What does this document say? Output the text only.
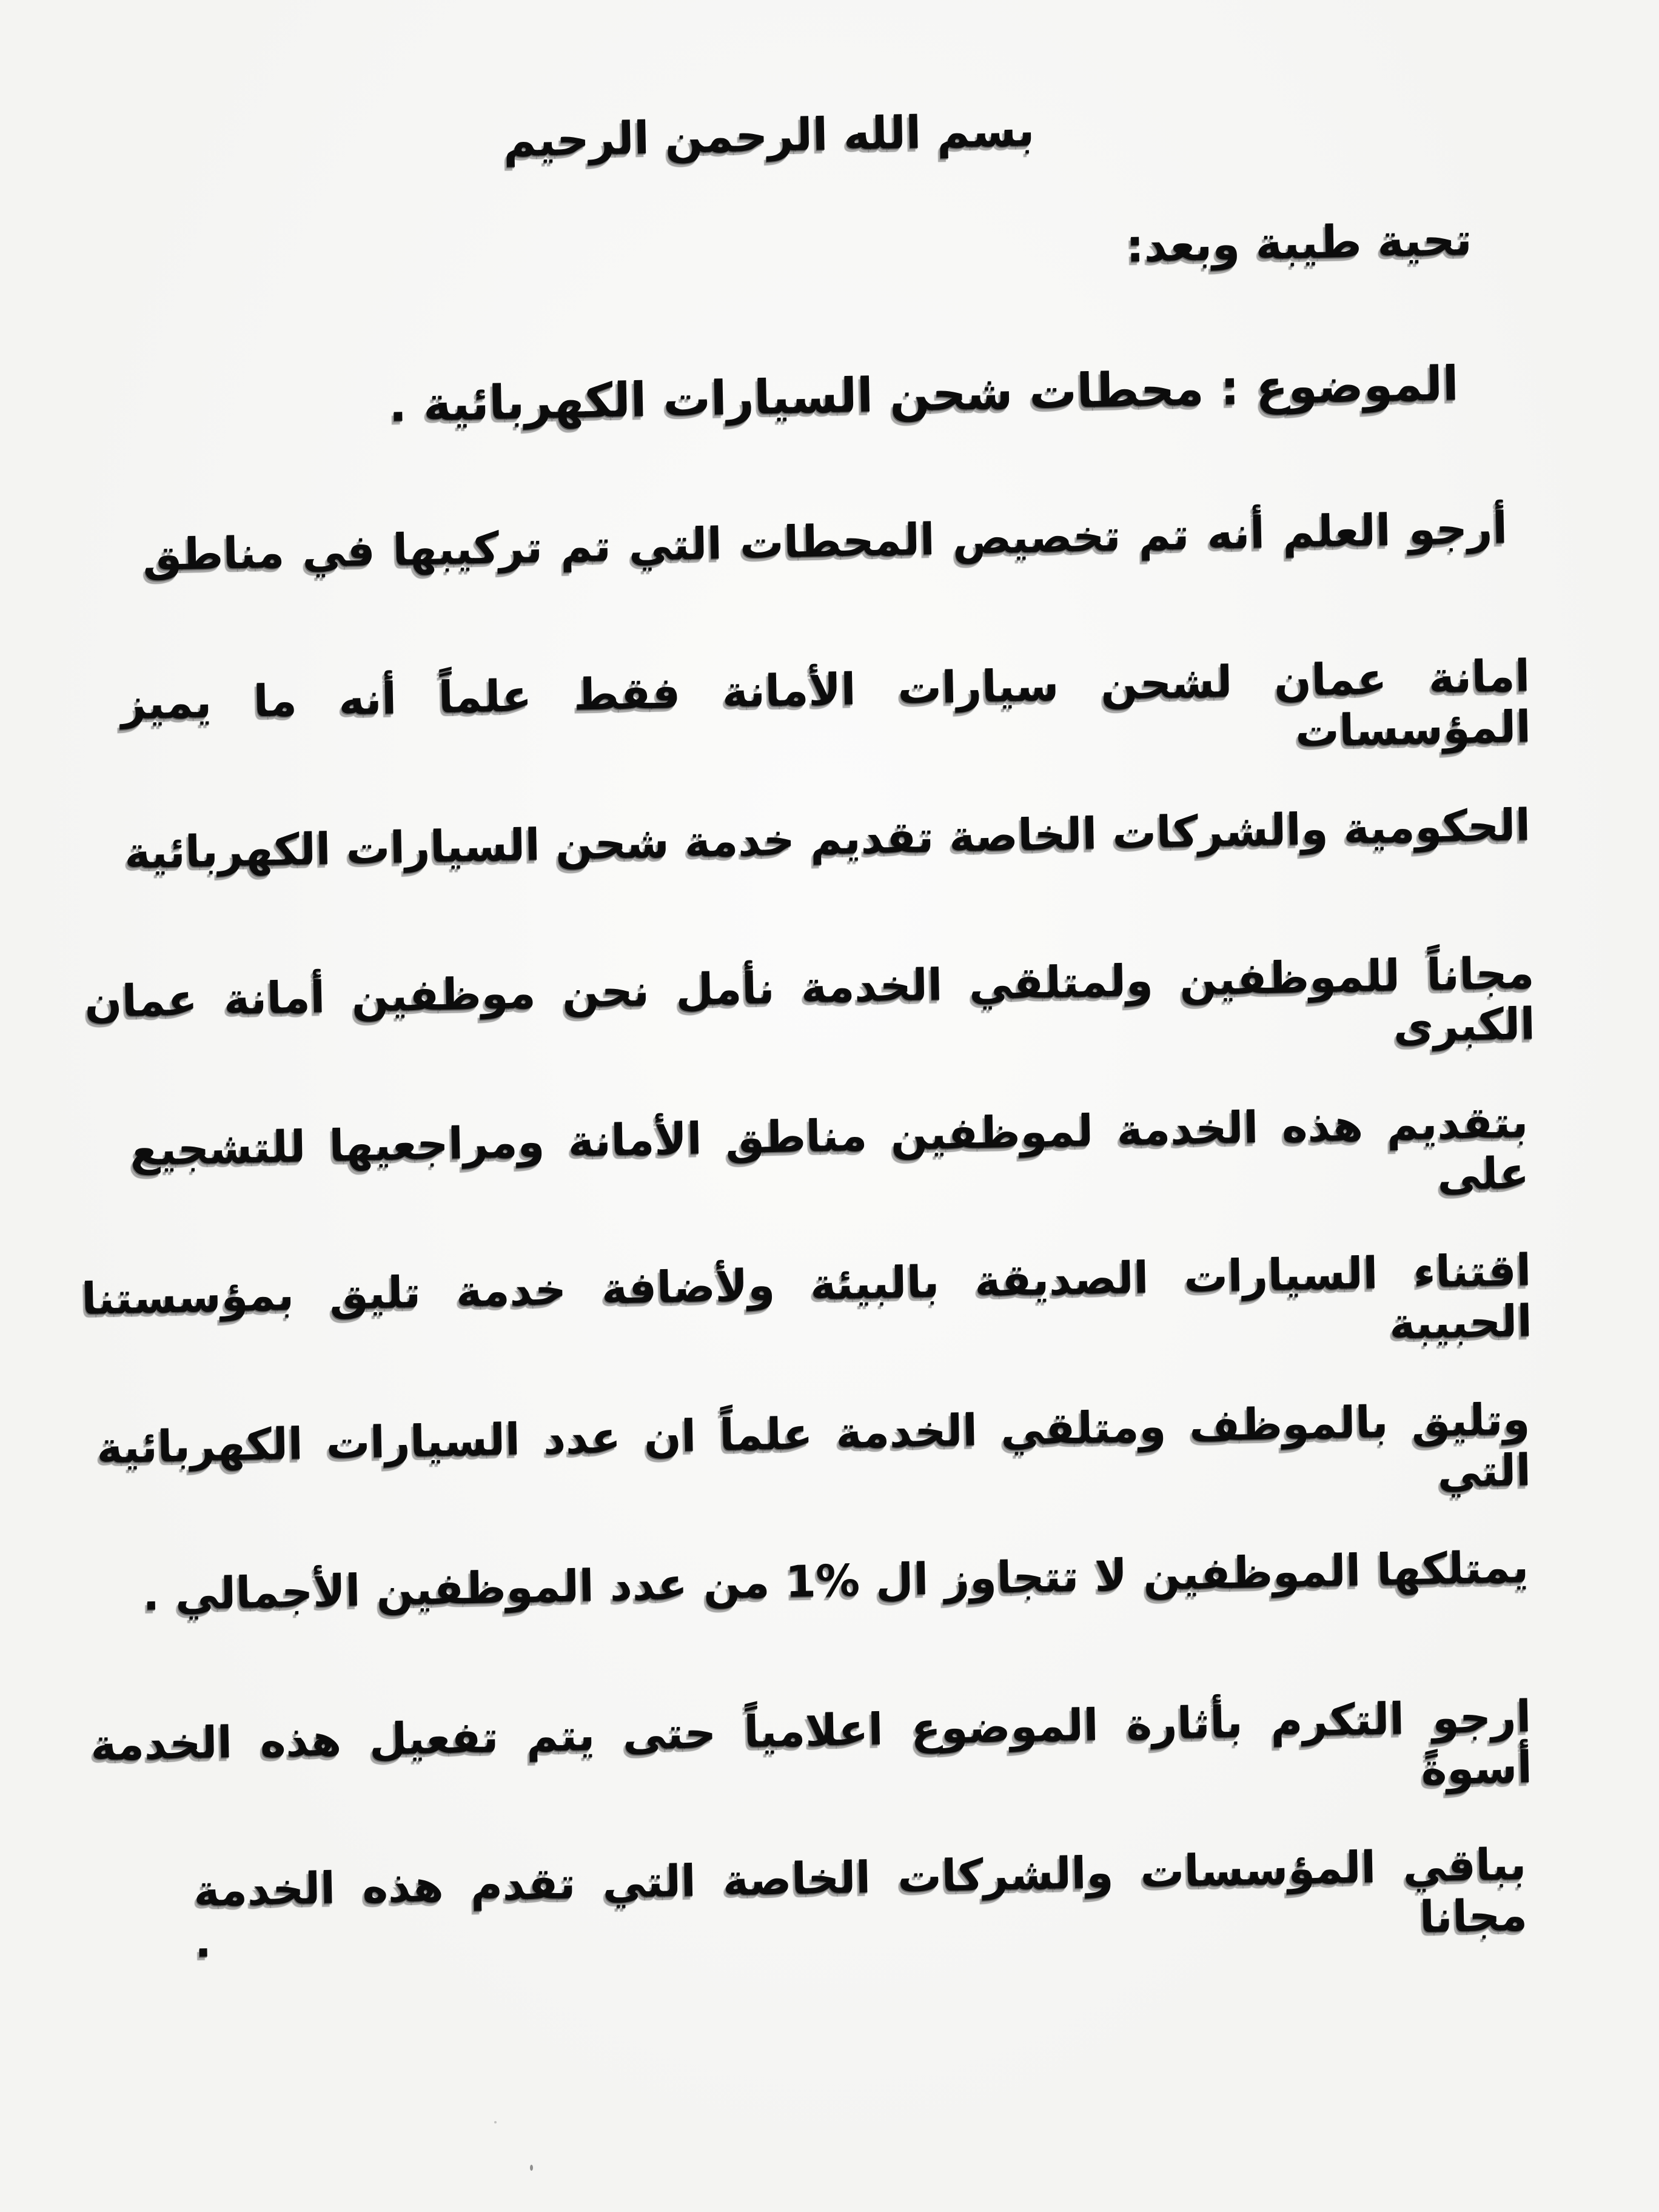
بسم الله الرحمن الرحيم
تحية طيبة وبعد:
الموضوع : محطات شحن السيارات الكهربائية .
أرجو العلم أنه تم تخصيص المحطات التي تم تركيبها في مناطق
امانة عمان لشحن سيارات الأمانة فقط علماً أنه ما يميز المؤسسات
الحكومية والشركات الخاصة تقديم خدمة شحن السيارات الكهربائية
مجاناً للموظفين ولمتلقي الخدمة نأمل نحن موظفين أمانة عمان الكبرى
بتقديم هذه الخدمة لموظفين مناطق الأمانة ومراجعيها للتشجيع على
اقتناء السيارات الصديقة بالبيئة ولأضافة خدمة تليق بمؤسستنا الحبيبة
وتليق بالموظف ومتلقي الخدمة علماً ان عدد السيارات الكهربائية التي
يمتلكها الموظفين لا تتجاوز ال %1 من عدد الموظفين الأجمالي .
ارجو التكرم بأثارة الموضوع اعلامياً حتى يتم تفعيل هذه الخدمة أسوةً
بباقي المؤسسات والشركات الخاصة التي تقدم هذه الخدمة مجانا .
